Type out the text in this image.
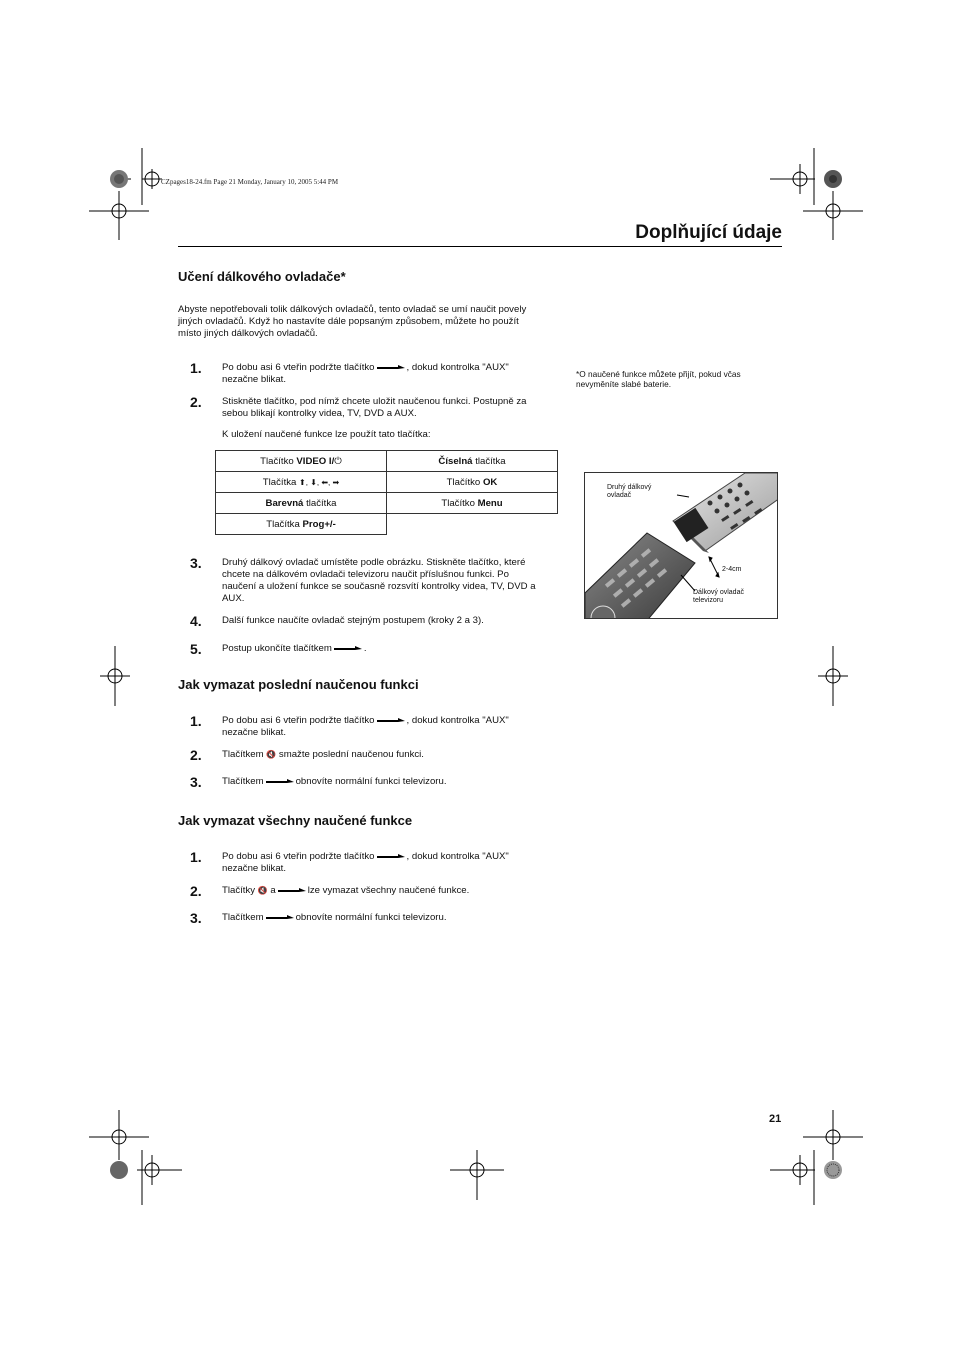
CZpages18-24.fm Page 21 Monday, January 10, 2005 5:44 PM
Doplňující údaje
Učení dálkového ovladače*
Abyste nepotřebovali tolik dálkových ovladačů, tento ovladač se umí naučit povely
jiných ovladačů. Když ho nastavíte dále popsaným způsobem, můžete ho použít
místo jiných dálkových ovladačů.
1. Po dobu asi 6 vteřin podržte tlačítko	, dokud kontrolka "AUX"
nezačne blikat.
2. Stiskněte tlačítko, pod nímž chcete uložit naučenou funkci. Postupně za
sebou blikají kontrolky videa, TV, DVD a AUX.
K uložení naučené funkce lze použít tato tlačítka:
Tlačítko VIDEO I/⏻	Číselná tlačítka
Tlačítka ⬆, ⬇, ⬅, ➡	Tlačítko OK
Barevná tlačítka	Tlačítko Menu
Tlačítka Prog+/-	
3. Druhý dálkový ovladač umístěte podle obrázku. Stiskněte tlačítko, které
chcete na dálkovém ovladači televizoru naučit příslušnou funkci. Po
naučení a uložení funkce se současně rozsvítí kontrolky videa, TV, DVD a
AUX.
4. Další funkce naučíte ovladač stejným postupem (kroky 2 a 3).
5. Postup ukončíte tlačítkem	.
*O naučené funkce můžete přijít, pokud včas
nevyměníte slabé baterie.
Druhý dálkový
ovladač
2-4cm
Dálkový ovladač
televizoru
Jak vymazat poslední naučenou funkci
1. Po dobu asi 6 vteřin podržte tlačítko	, dokud kontrolka "AUX"
nezačne blikat.
2. Tlačítkem 🔇 smažte poslední naučenou funkci.
3. Tlačítkem	obnovíte normální funkci televizoru.
Jak vymazat všechny naučené funkce
1. Po dobu asi 6 vteřin podržte tlačítko	, dokud kontrolka "AUX"
nezačne blikat.
2. Tlačítky 🔇 a	lze vymazat všechny naučené funkce.
3. Tlačítkem	obnovíte normální funkci televizoru.
21
